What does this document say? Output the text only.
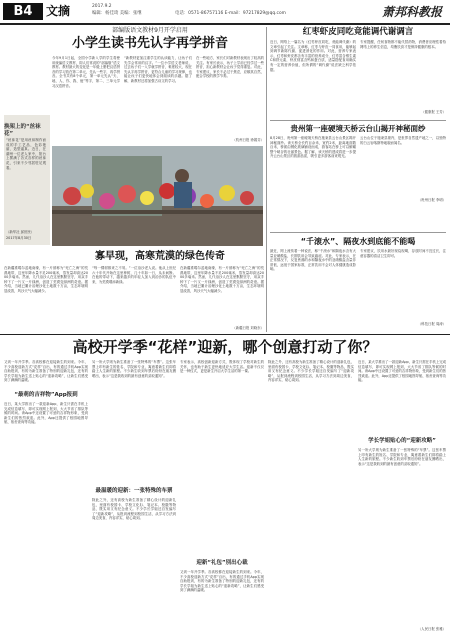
B4	文摘	2017.9.2
编辑：杨佳琦 美编：张继	电话：0571-86757116 E-mail：97217829@qq.com	萧邦科教报
部编版语文教材9月开学启用
小学生读书先认字再学拼音
今年9月1日起，全国小学新入学的学生将使用统编语文教材，即人们常说的“部编版”语文教材。教材最大的变化是一年级上册把汉语拼音的学习放在第二单元，先认一些字，再学拼音。全书共有8个单元，第一单元先认“天、地、人、你、我、他”等字，第二、三单元学习汉语拼音。
“新教材更加注重学生的认读能力，让孩子们先学会常用的汉字。”一位小学语文老师说，过去孩子们一入学就学拼音，难度较大，现在先认字再学拼音，更符合儿童的学习规律，也能让孩子们更快地体会到阅读的乐趣。据了解，新教材还将加强古诗文的学习。
在一些地方，家长们对新教材表现出了较高的关注。有家长表示，孩子上学前已经学过一些拼音，担心新教材会让孩子觉得重复。对此，专家建议，家长不必过于焦虑，应顺其自然，配合学校的教学节奏。
（杭州日报 徐娟芬）
换架上的“丝袜花”
“丝袜花”是用丝袜制作而成的手工艺品，色彩艳丽，造型逼真。近日，在湖州一位老人家中，阳台上摆满了各式各样的丝袜花，引来不少邻居驻足观看。
（新华社 邱世民）
2017年8月30日
寡早现，高寒荒漠的绿色传奇
在新疆准噶尔盆地南缘，有一片被称为“死亡之海”的荒漠地带，这里年降水量不足200毫米，蒸发量却高达2000多毫米。然而，几代治沙人在这里默默坚守，用双手种下了一片又一片绿洲，创造了荒漠变绿洲的奇迹。据介绍，当地已累计治理沙化土地数十万亩，生态环境明显改善，风沙天气大幅减少。
“每一棵树都来之不易。”一位治沙老人说。他从上世纪六十年代开始在这里种树，几十年如一日，从未间断。在他的带动下，越来越多的年轻人加入到治沙的队伍中来，为荒漠增添新绿。
在新疆准噶尔盆地南缘，有一片被称为“死亡之海”的荒漠地带，这里年降水量不足200毫米，蒸发量却高达2000多毫米。然而，几代治沙人在这里默默坚守，用双手种下了一片又一片绿洲，创造了荒漠变绿洲的奇迹。据介绍，当地已累计治理沙化土地数十万亩，生态环境明显改善，风沙天气大幅减少。
（新疆日报 刘晓东）
红枣虾皮同吃竟能调代谢调言
近日，网络上一篇名为《红枣虾皮同吃，竟能调代谢》的文章引起了关注。文章称，红枣与虾皮一同食用，能够起到调节新陈代谢、促进消化的作用。对此，营养专家表示，红枣和虾皮都含有丰富的营养成分，红枣富含维生素C和铁元素，虾皮则富含钙和蛋白质，适量搭配食用确实有一定的营养价值，但所谓的“调代谢”说法缺乏科学依据。
专家提醒，任何食物都不能代替药物，消费者应理性看待网络上的养生信息，均衡饮食才是保持健康的根本。
（健康报 王芳）
贵州第一座硬境天桥云台山揭开神秘面纱
8月28日，贵州第一座硬境天桥在施秉县云台山景区揭开神秘面纱。该天桥全长约百余米，宽约2米，距离地面数百米，桥面由钢化玻璃铺设而成，游客站在桥上可以俯瞰整个峡谷的壮丽景色。据了解，该天桥的建成将进一步提升云台山景区的旅游品质，吸引更多游客前来观光。
云台山位于施秉县境内，是世界自然遗产地之一，以独特的白云岩喀斯特地貌而闻名。
（贵州日报 李明）
“千滚水”、隔夜水到底能不能喝
最近，网上流传着一种说法，称“千滚水”和隔夜水含有大量亚硝酸盐，长期饮用会导致癌症。对此，专家表示，在正常情况下，反复煮沸的水和隔夜水中的亚硝酸盐含量非常低，远低于国家标准，正常饮用不会对人体健康造成影响。
专家建议，饮用水最好现烧现喝，存放时间不宜过长，注意容器的清洁卫生即可。
（科技日报 周涛）
高校开学季“花样”迎新，哪个创意打动了你？
又到一年开学季。各高校都在迎接新生的到来。今年，不少高校迎新方式“花样”百出，有的通过手机App实现自助报到，有的为新生准备了特别的迎新礼包，还有的学长学姐为新生送上贴心的“迎新攻略”，让新生们感受到了满满的温暖。
“最萌的吉祥物”App报到
近日，某大学推出了一款迎新App，新生只需在手机上完成信息填写，即可实现网上报到，大大节省了排队等候的时间。该App中还设置了可爱的吉祥物形象，受到新生们的热烈欢迎。此外，App还提供了校园地图导航、宿舍查询等功能。
另一所大学则为新生准备了一张特殊的“车票”。这张车票上印有新生的姓名、学院和专业，寓意着新生们即将踏上人生新的旅程。不少新生收到车票后纷纷在朋友圈晒出，表示“这是我收到的最有创意的录取通知”。
最温暖的迎新：一张特殊的车票
除此之外，还有高校为新生准备了精心设计的迎新礼包，里面有校园卡、学校文化衫、笔记本、校徽等物品，既实用又有纪念意义。不少学长学姐还自发编写了“迎新攻略”，从报到流程到校园生活，从学习方法到周边美食，内容详实，贴心周到。
专家表示，高校创新迎新方式，既体现了学校对新生的关怀，也有助于新生更快地适应大学生活。迎新不仅仅是一种仪式，更是新生开启大学生活的第一课。
迎新“礼包”别出心裁
又到一年开学季。各高校都在迎接新生的到来。今年，不少高校迎新方式“花样”百出，有的通过手机App实现自助报到，有的为新生准备了特别的迎新礼包，还有的学长学姐为新生送上贴心的“迎新攻略”，让新生们感受到了满满的温暖。
除此之外，还有高校为新生准备了精心设计的迎新礼包，里面有校园卡、学校文化衫、笔记本、校徽等物品，既实用又有纪念意义。不少学长学姐还自发编写了“迎新攻略”，从报到流程到校园生活，从学习方法到周边美食，内容详实，贴心周到。
近日，某大学推出了一款迎新App，新生只需在手机上完成信息填写，即可实现网上报到，大大节省了排队等候的时间。该App中还设置了可爱的吉祥物形象，受到新生们的热烈欢迎。此外，App还提供了校园地图导航、宿舍查询等功能。
学长学姐贴心的“迎新攻略”
另一所大学则为新生准备了一张特殊的“车票”。这张车票上印有新生的姓名、学院和专业，寓意着新生们即将踏上人生新的旅程。不少新生收到车票后纷纷在朋友圈晒出，表示“这是我收到的最有创意的录取通知”。
（人民日报 张雅）
